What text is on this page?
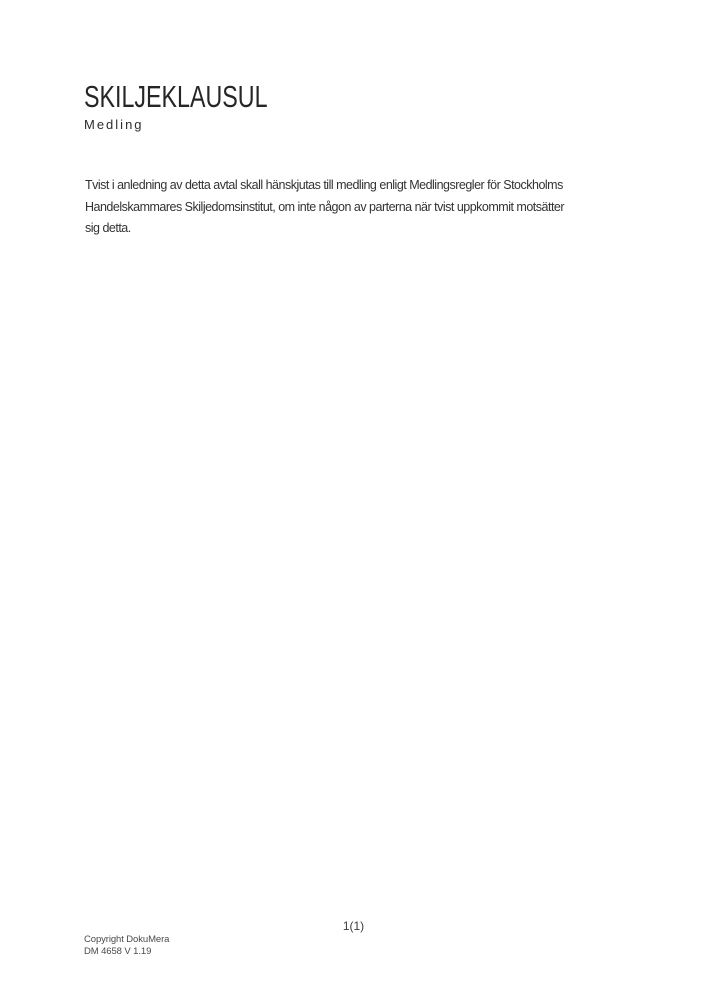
SKILJEKLAUSUL
Medling

Tvist i anledning av detta avtal skall hänskjutas till medling enligt Medlingsregler för Stockholms
Handelskammares Skiljedomsinstitut, om inte någon av parterna när tvist uppkommit motsätter
sig detta.

1(1)
Copyright DokuMera
DM 4658 V 1.19
